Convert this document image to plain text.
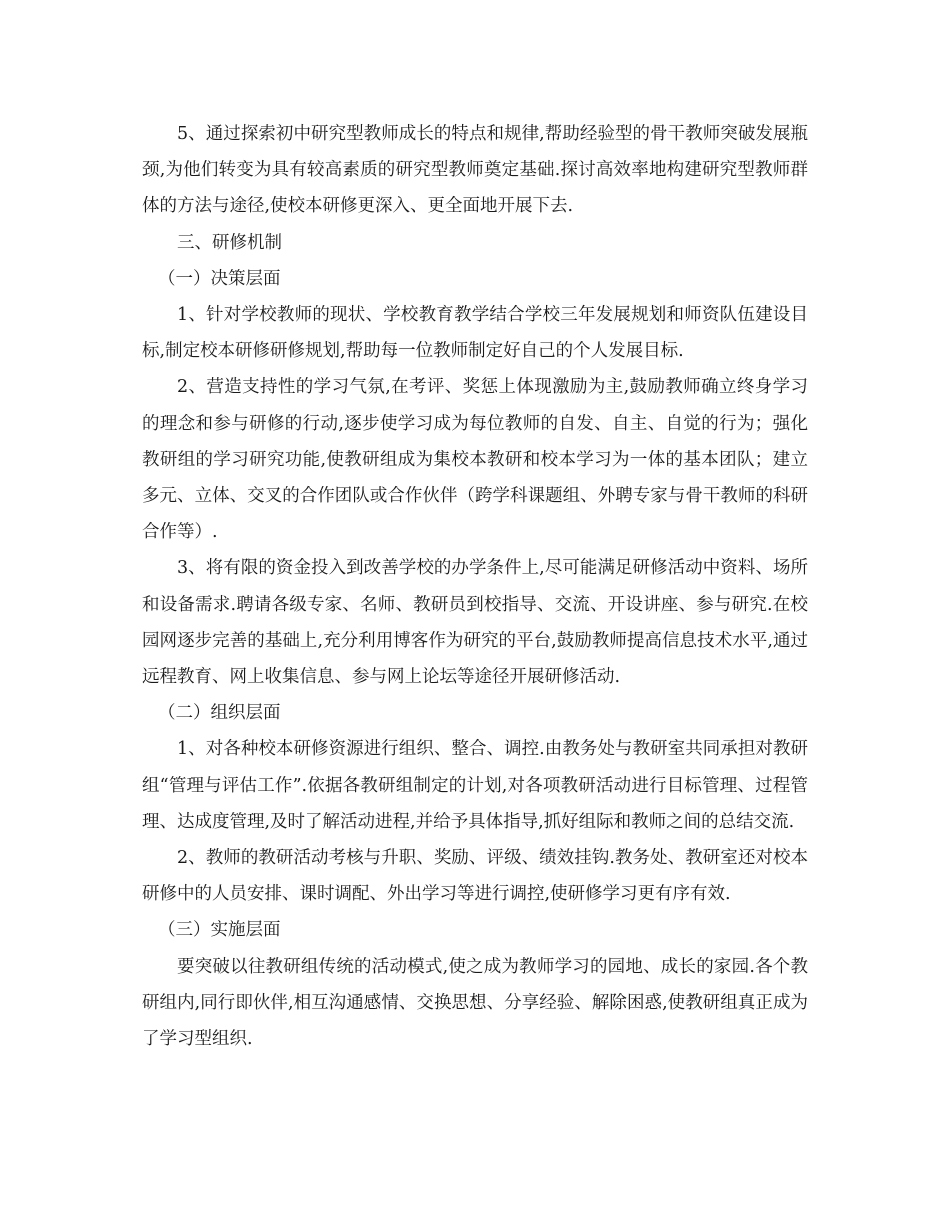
5、通过探索初中研究型教师成长的特点和规律,帮助经验型的骨干教师突破发展瓶颈,为他们转变为具有较高素质的研究型教师奠定基础.探讨高效率地构建研究型教师群体的方法与途径,使校本研修更深入、更全面地开展下去.

三、研修机制

（一）决策层面

1、针对学校教师的现状、学校教育教学结合学校三年发展规划和师资队伍建设目标,制定校本研修研修规划,帮助每一位教师制定好自己的个人发展目标.

2、营造支持性的学习气氛,在考评、奖惩上体现激励为主,鼓励教师确立终身学习的理念和参与研修的行动,逐步使学习成为每位教师的自发、自主、自觉的行为；强化教研组的学习研究功能,使教研组成为集校本教研和校本学习为一体的基本团队；建立多元、立体、交叉的合作团队或合作伙伴（跨学科课题组、外聘专家与骨干教师的科研合作等）.

3、将有限的资金投入到改善学校的办学条件上,尽可能满足研修活动中资料、场所和设备需求.聘请各级专家、名师、教研员到校指导、交流、开设讲座、参与研究.在校园网逐步完善的基础上,充分利用博客作为研究的平台,鼓励教师提高信息技术水平,通过远程教育、网上收集信息、参与网上论坛等途径开展研修活动.

（二）组织层面

1、对各种校本研修资源进行组织、整合、调控.由教务处与教研室共同承担对教研组“管理与评估工作”.依据各教研组制定的计划,对各项教研活动进行目标管理、过程管理、达成度管理,及时了解活动进程,并给予具体指导,抓好组际和教师之间的总结交流.

2、教师的教研活动考核与升职、奖励、评级、绩效挂钩.教务处、教研室还对校本研修中的人员安排、课时调配、外出学习等进行调控,使研修学习更有序有效.

（三）实施层面

要突破以往教研组传统的活动模式,使之成为教师学习的园地、成长的家园.各个教研组内,同行即伙伴,相互沟通感情、交换思想、分享经验、解除困惑,使教研组真正成为了学习型组织.
